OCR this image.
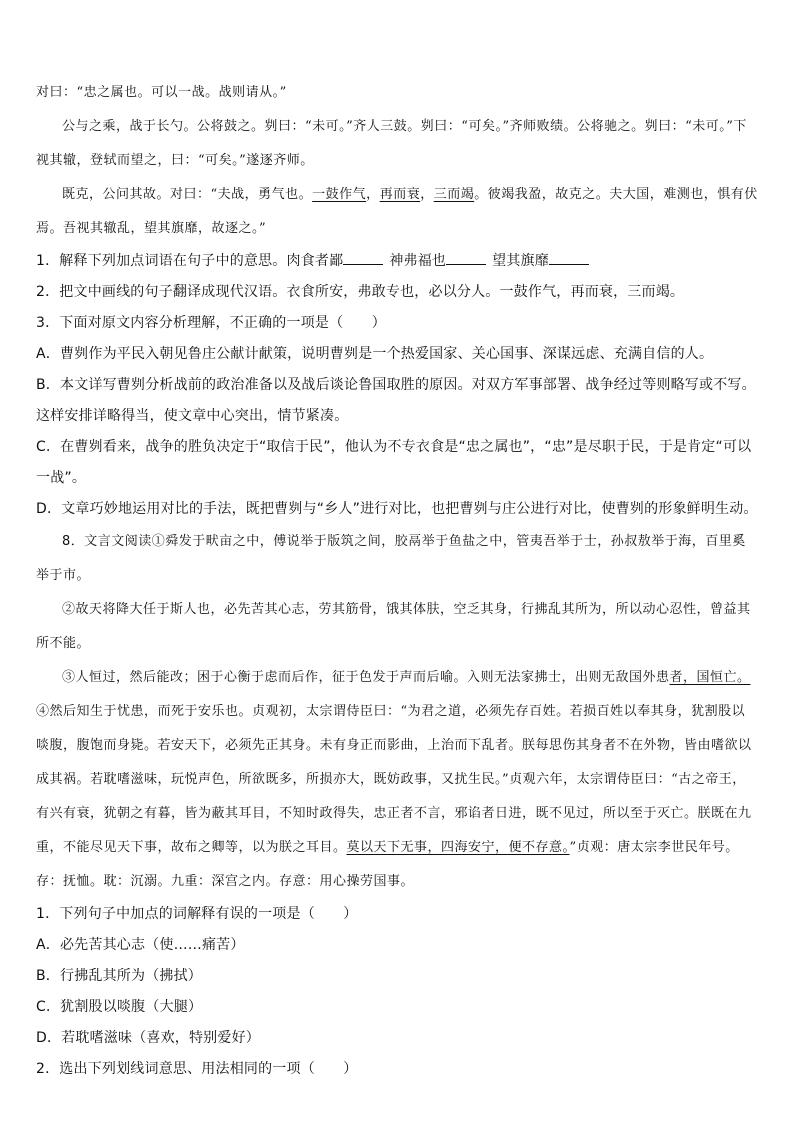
对曰：“忠之属也。可以一战。战则请从。”

公与之乘，战于长勺。公将鼓之。刿曰：“未可。”齐人三鼓。刿曰：“可矣。”齐师败绩。公将驰之。刿曰：“未可。”下视其辙，登轼而望之，曰：“可矣。”遂逐齐师。

既克，公问其故。对曰：“夫战，勇气也。一鼓作气，再而衰，三而竭。彼竭我盈，故克之。夫大国，难测也，惧有伏焉。吾视其辙乱，望其旗靡，故逐之。”

1．解释下列加点词语在句子中的意思。肉食者鄙	神弗福也	望其旗靡

2．把文中画线的句子翻译成现代汉语。衣食所安，弗敢专也，必以分人。一鼓作气，再而衰，三而竭。

3．下面对原文内容分析理解，不正确的一项是（　　）

A．曹刿作为平民入朝见鲁庄公献计献策，说明曹刿是一个热爱国家、关心国事、深谋远虑、充满自信的人。

B．本文详写曹刿分析战前的政治准备以及战后谈论鲁国取胜的原因。对双方军事部署、战争经过等则略写或不写。这样安排详略得当，使文章中心突出，情节紧凑。

C．在曹刿看来，战争的胜负决定于“取信于民”，他认为不专衣食是“忠之属也”，“忠”是尽职于民，于是肯定“可以一战”。

D．文章巧妙地运用对比的手法，既把曹刿与“乡人”进行对比，也把曹刿与庄公进行对比，使曹刿的形象鲜明生动。

8．文言文阅读①舜发于畎亩之中，傅说举于版筑之间，胶鬲举于鱼盐之中，管夷吾举于士，孙叔敖举于海，百里奚举于市。

②故天将降大任于斯人也，必先苦其心志，劳其筋骨，饿其体肤，空乏其身，行拂乱其所为，所以动心忍性，曾益其所不能。

③人恒过，然后能改；困于心衡于虑而后作，征于色发于声而后喻。入则无法家拂士，出则无敌国外患者，国恒亡。

④然后知生于忧患，而死于安乐也。贞观初，太宗谓侍臣曰：“为君之道，必须先存百姓。若损百姓以奉其身，犹割股以啖腹，腹饱而身毙。若安天下，必须先正其身。未有身正而影曲，上治而下乱者。朕每思伤其身者不在外物，皆由嗜欲以成其祸。若耽嗜滋味，玩悦声色，所欲既多，所损亦大，既妨政事，又扰生民。”贞观六年，太宗谓侍臣曰：“古之帝王，有兴有衰，犹朝之有暮，皆为蔽其耳目，不知时政得失，忠正者不言，邪谄者日进，既不见过，所以至于灭亡。朕既在九重，不能尽见天下事，故布之卿等，以为朕之耳目。莫以天下无事，四海安宁，便不存意。”贞观：唐太宗李世民年号。存：抚恤。耽：沉溺。九重：深宫之内。存意：用心操劳国事。

1．下列句子中加点的词解释有误的一项是（　　）

A．必先苦其心志（使……痛苦）

B．行拂乱其所为（拂拭）

C．犹割股以啖腹（大腿）

D．若耽嗜滋味（喜欢，特别爱好）

2．选出下列划线词意思、用法相同的一项（　　）
